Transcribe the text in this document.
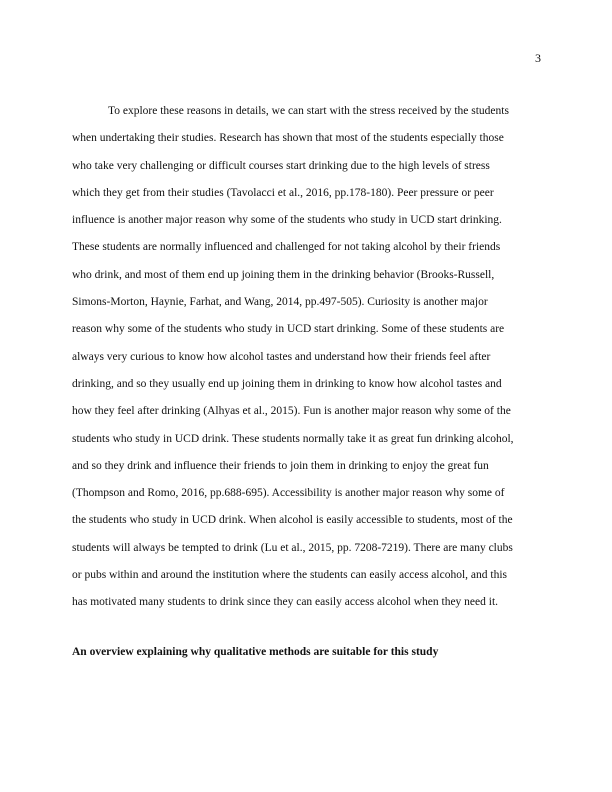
3

To explore these reasons in details, we can start with the stress received by the students
when undertaking their studies. Research has shown that most of the students especially those
who take very challenging or difficult courses start drinking due to the high levels of stress
which they get from their studies (Tavolacci et al., 2016, pp.178-180). Peer pressure or peer
influence is another major reason why some of the students who study in UCD start drinking.
These students are normally influenced and challenged for not taking alcohol by their friends
who drink, and most of them end up joining them in the drinking behavior (Brooks-Russell,
Simons-Morton, Haynie, Farhat, and Wang, 2014, pp.497-505). Curiosity is another major
reason why some of the students who study in UCD start drinking. Some of these students are
always very curious to know how alcohol tastes and understand how their friends feel after
drinking, and so they usually end up joining them in drinking to know how alcohol tastes and
how they feel after drinking (Alhyas et al., 2015). Fun is another major reason why some of the
students who study in UCD drink. These students normally take it as great fun drinking alcohol,
and so they drink and influence their friends to join them in drinking to enjoy the great fun
(Thompson and Romo, 2016, pp.688-695). Accessibility is another major reason why some of
the students who study in UCD drink. When alcohol is easily accessible to students, most of the
students will always be tempted to drink (Lu et al., 2015, pp. 7208-7219). There are many clubs
or pubs within and around the institution where the students can easily access alcohol, and this
has motivated many students to drink since they can easily access alcohol when they need it.

An overview explaining why qualitative methods are suitable for this study
